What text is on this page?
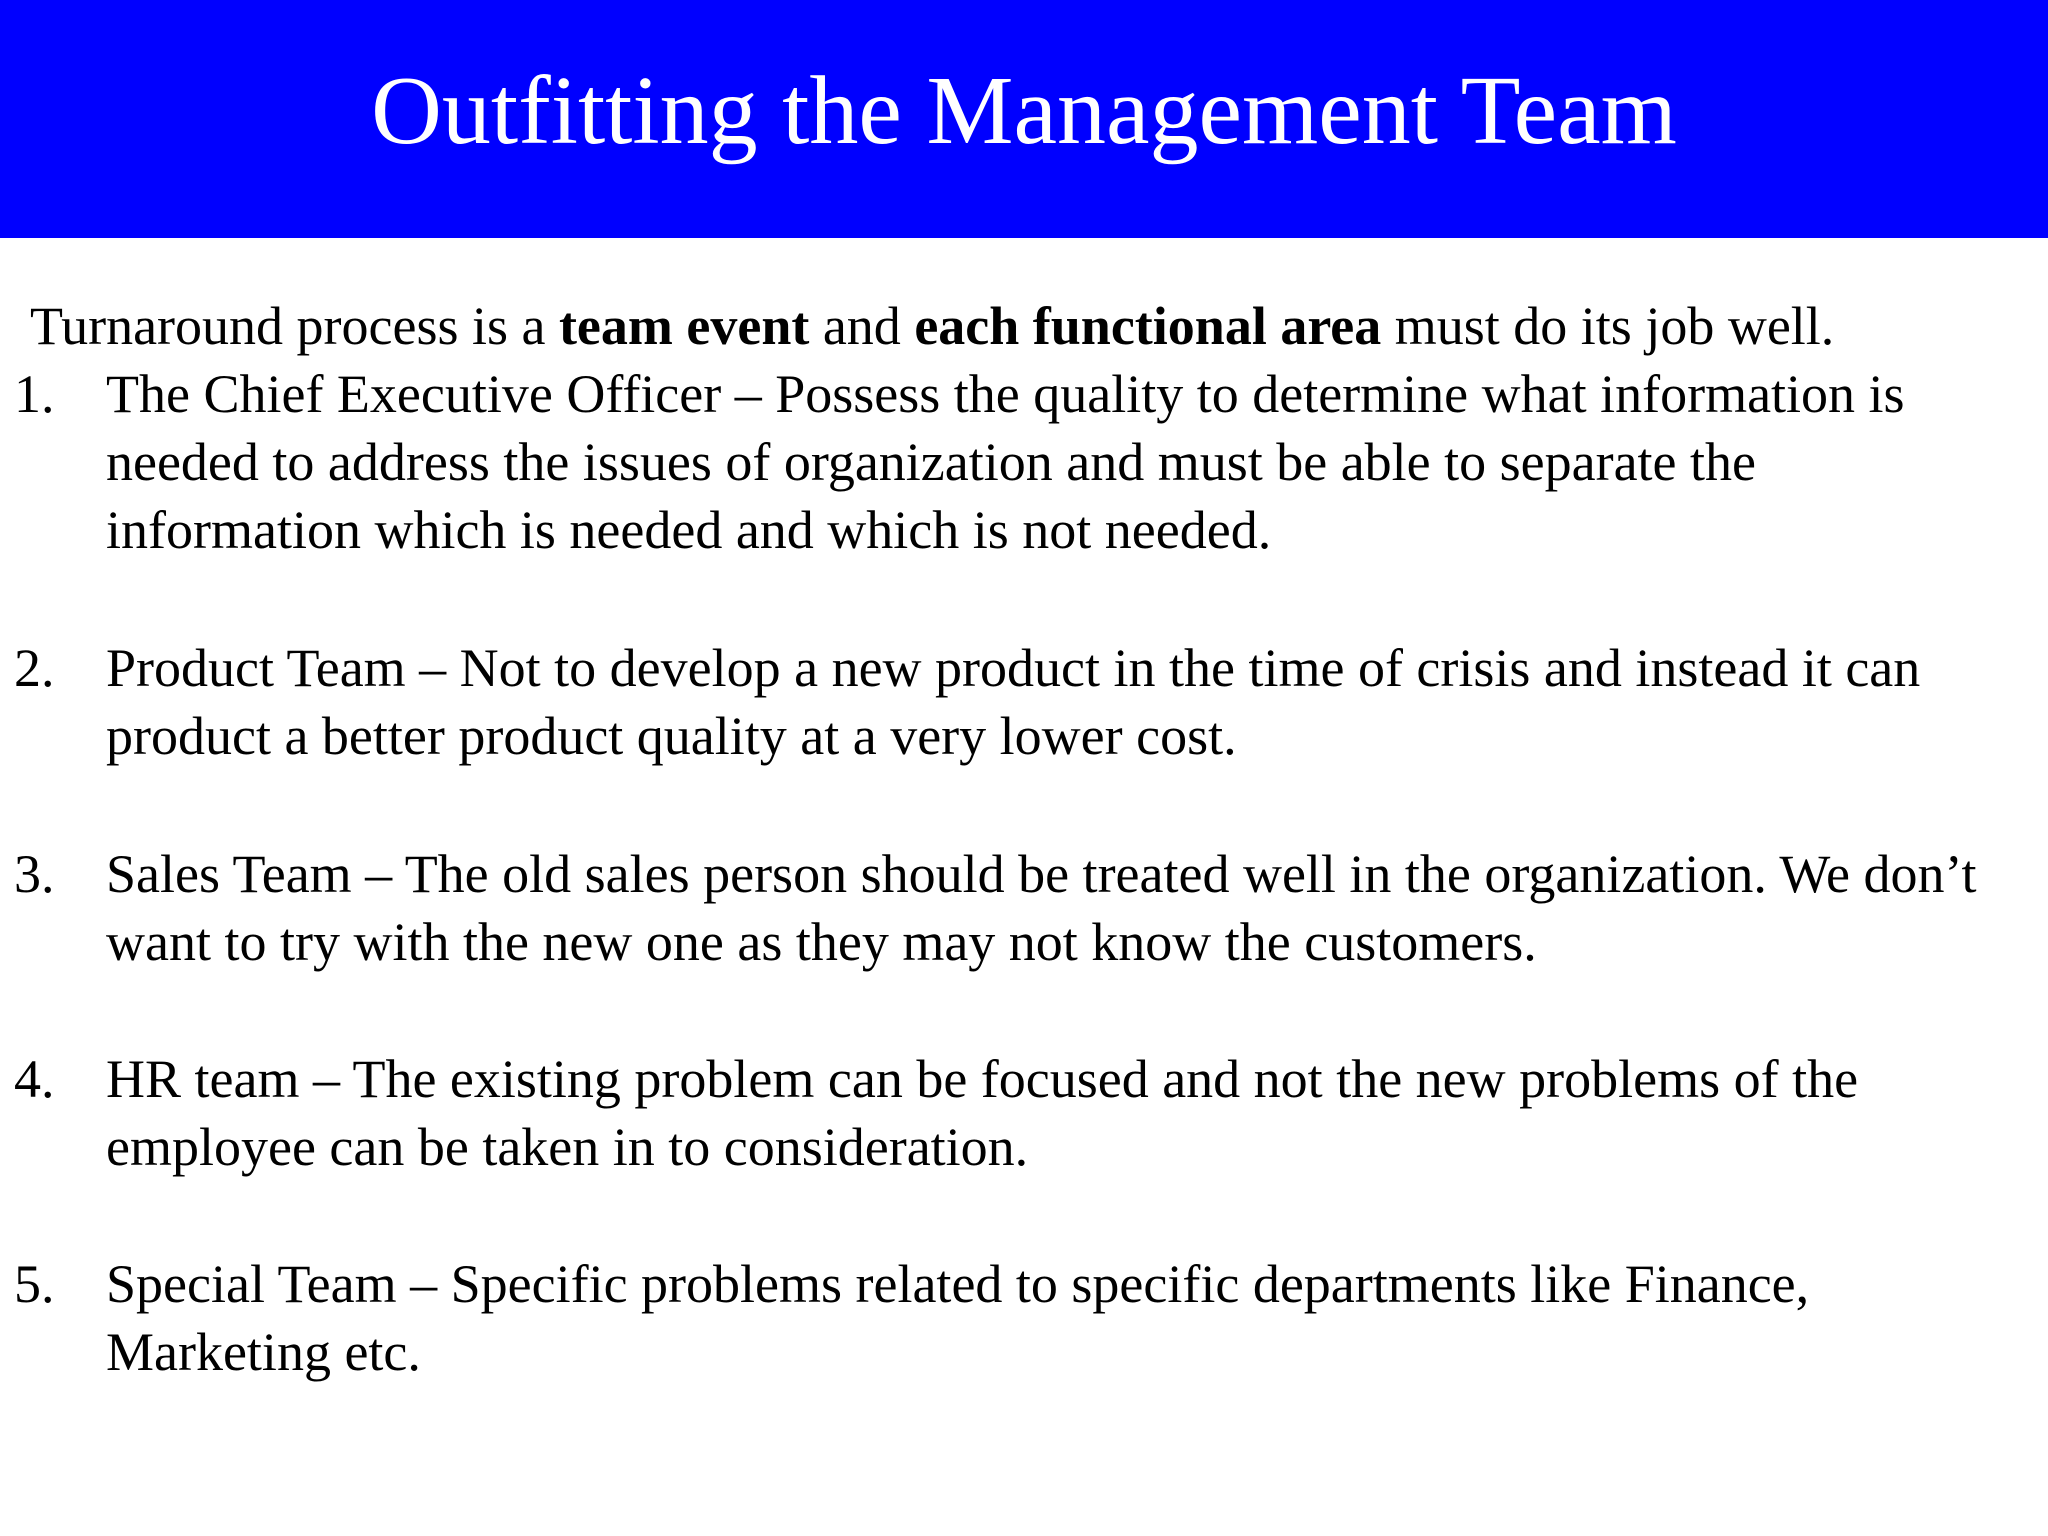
Outfitting the Management Team

Turnaround process is a team event and each functional area must do its job well.

1. The Chief Executive Officer – Possess the quality to determine what information is needed to address the issues of organization and must be able to separate the information which is needed and which is not needed.
2. Product Team – Not to develop a new product in the time of crisis and instead it can product a better product quality at a very lower cost.
3. Sales Team – The old sales person should be treated well in the organization. We don’t want to try with the new one as they may not know the customers.
4. HR team – The existing problem can be focused and not the new problems of the employee can be taken in to consideration.
5. Special Team – Specific problems related to specific departments like Finance, Marketing etc.
